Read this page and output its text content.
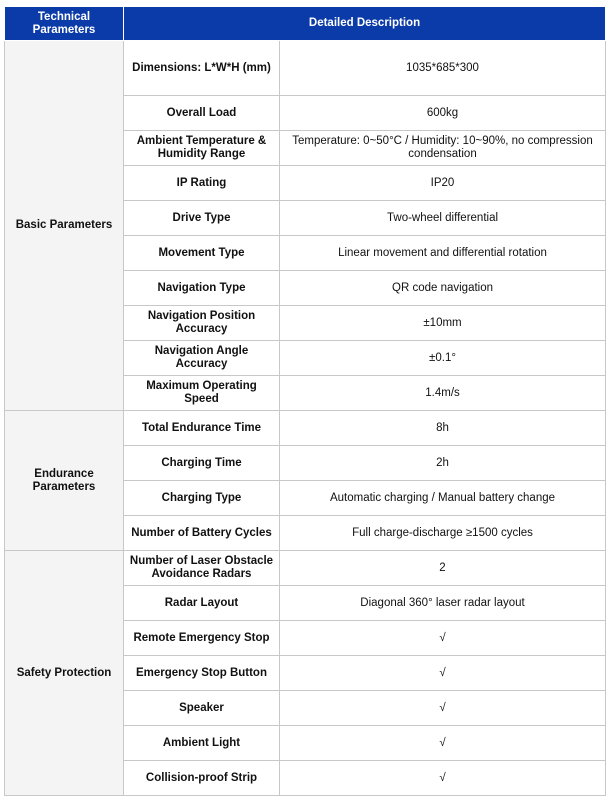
Technical Parameters	Detailed Description	
Basic Parameters	Dimensions: L*W*H (mm)	1035*685*300
	Overall Load	600kg
	Ambient Temperature & Humidity Range	Temperature: 0~50°C / Humidity: 10~90%, no compression condensation
	IP Rating	IP20
	Drive Type	Two-wheel differential
	Movement Type	Linear movement and differential rotation
	Navigation Type	QR code navigation
	Navigation Position Accuracy	±10mm
	Navigation Angle Accuracy	±0.1°
	Maximum Operating Speed	1.4m/s
Endurance Parameters	Total Endurance Time	8h
	Charging Time	2h
	Charging Type	Automatic charging / Manual battery change
	Number of Battery Cycles	Full charge-discharge ≥1500 cycles
Safety Protection	Number of Laser Obstacle Avoidance Radars	2
	Radar Layout	Diagonal 360° laser radar layout
	Remote Emergency Stop	√
	Emergency Stop Button	√
	Speaker	√
	Ambient Light	√
	Collision-proof Strip	√
